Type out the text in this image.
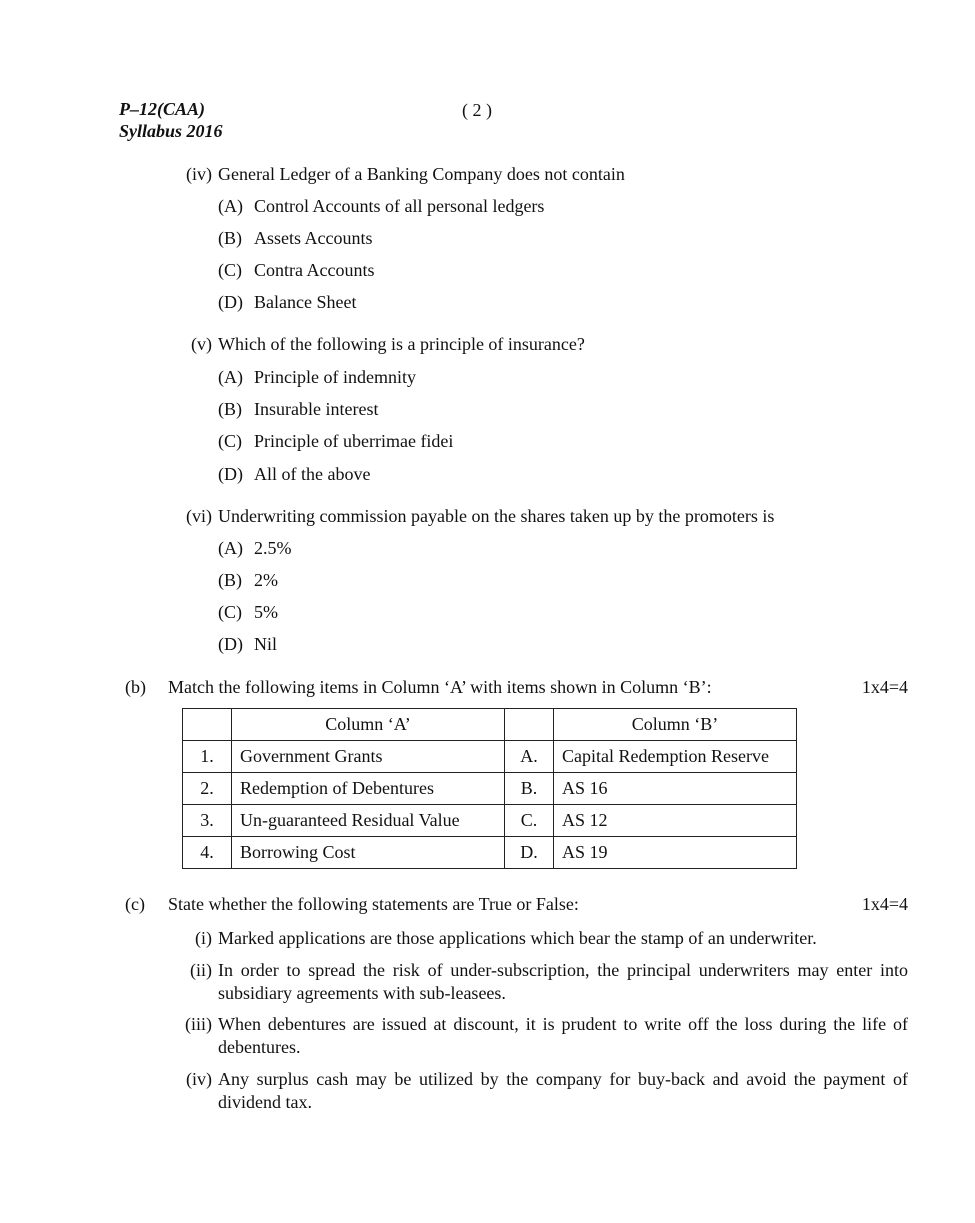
P–12(CAA)
Syllabus 2016
( 2 )
(iv) General Ledger of a Banking Company does not contain
(A) Control Accounts of all personal ledgers
(B) Assets Accounts
(C) Contra Accounts
(D) Balance Sheet
(v) Which of the following is a principle of insurance?
(A) Principle of indemnity
(B) Insurable interest
(C) Principle of uberrimae fidei
(D) All of the above
(vi) Underwriting commission payable on the shares taken up by the promoters is
(A) 2.5%
(B) 2%
(C) 5%
(D) Nil
(b) Match the following items in Column ‘A’ with items shown in Column ‘B’:	1x4=4
	Column ‘A’		Column ‘B’
1.	Government Grants	A.	Capital Redemption Reserve
2.	Redemption of Debentures	B.	AS 16
3.	Un-guaranteed Residual Value	C.	AS 12
4.	Borrowing Cost	D.	AS 19
(c) State whether the following statements are True or False:	1x4=4
(i) Marked applications are those applications which bear the stamp of an underwriter.
(ii) In order to spread the risk of under-subscription, the principal underwriters may enter into subsidiary agreements with sub-leasees.
(iii) When debentures are issued at discount, it is prudent to write off the loss during the life of debentures.
(iv) Any surplus cash may be utilized by the company for buy-back and avoid the payment of dividend tax.
